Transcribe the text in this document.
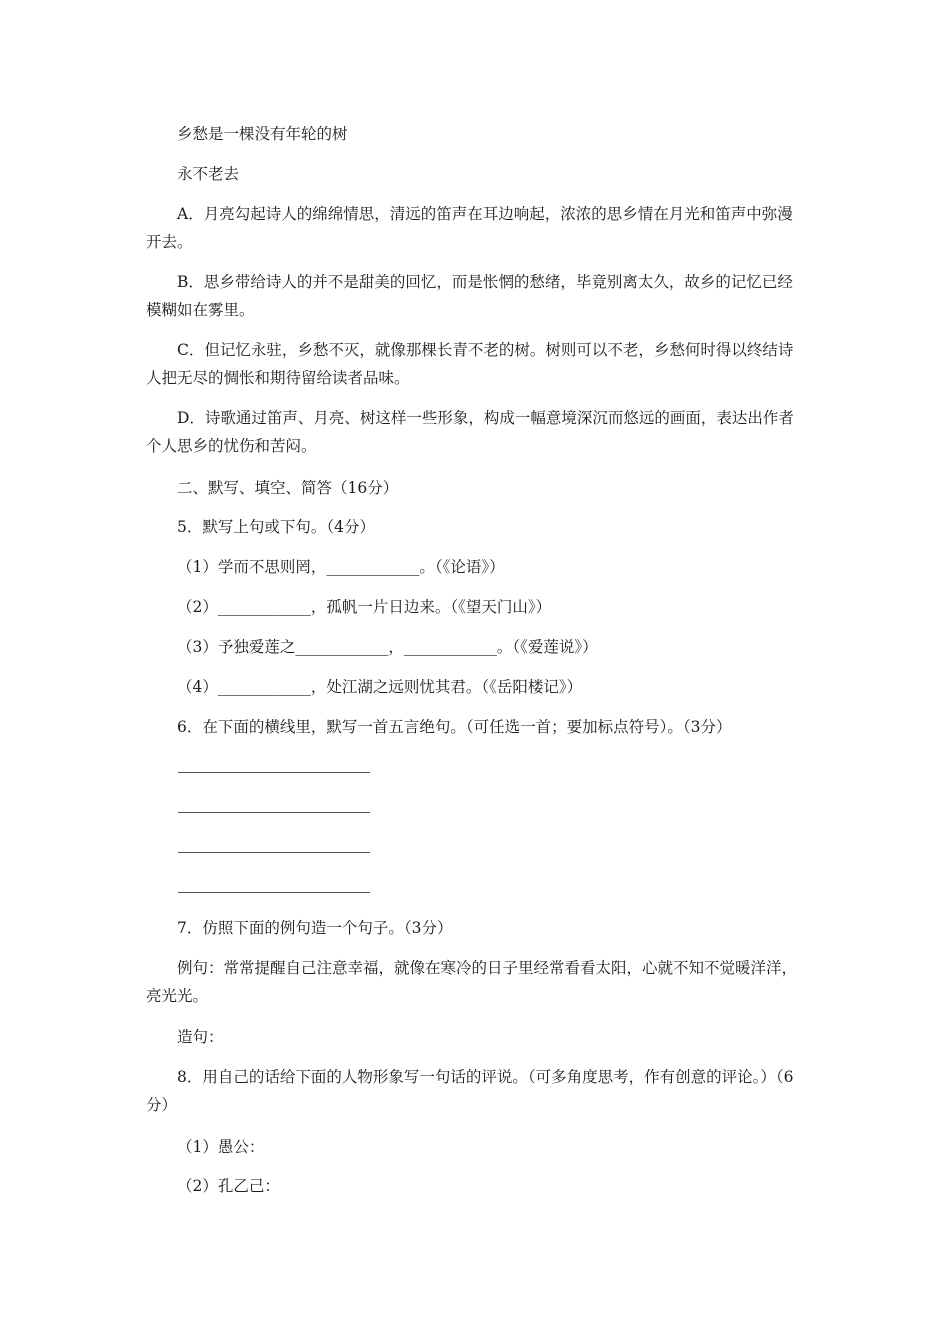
乡愁是一棵没有年轮的树
永不老去
A．月亮勾起诗人的绵绵情思，清远的笛声在耳边响起，浓浓的思乡情在月光和笛声中弥漫开去。
B．思乡带给诗人的并不是甜美的回忆，而是怅惘的愁绪，毕竟别离太久，故乡的记忆已经模糊如在雾里。
C．但记忆永驻，乡愁不灭，就像那棵长青不老的树。树则可以不老，乡愁何时得以终结诗人把无尽的惆怅和期待留给读者品味。
D．诗歌通过笛声、月亮、树这样一些形象，构成一幅意境深沉而悠远的画面，表达出作者个人思乡的忧伤和苦闷。
二、默写、填空、简答（16分）
5．默写上句或下句。（4分）
（1）学而不思则罔，____________。（《论语》）
（2）____________，孤帆一片日边来。（《望天门山》）
（3）予独爱莲之____________，____________。（《爱莲说》）
（4）____________，处江湖之远则忧其君。（《岳阳楼记》）
6．在下面的横线里，默写一首五言绝句。（可任选一首；要加标点符号）。（3分）
7．仿照下面的例句造一个句子。（3分）
例句：常常提醒自己注意幸福，就像在寒冷的日子里经常看看太阳，心就不知不觉暖洋洋，亮光光。
造句：
8．用自己的话给下面的人物形象写一句话的评说。（可多角度思考，作有创意的评论。）（6分）
（1）愚公：
（2）孔乙己：
